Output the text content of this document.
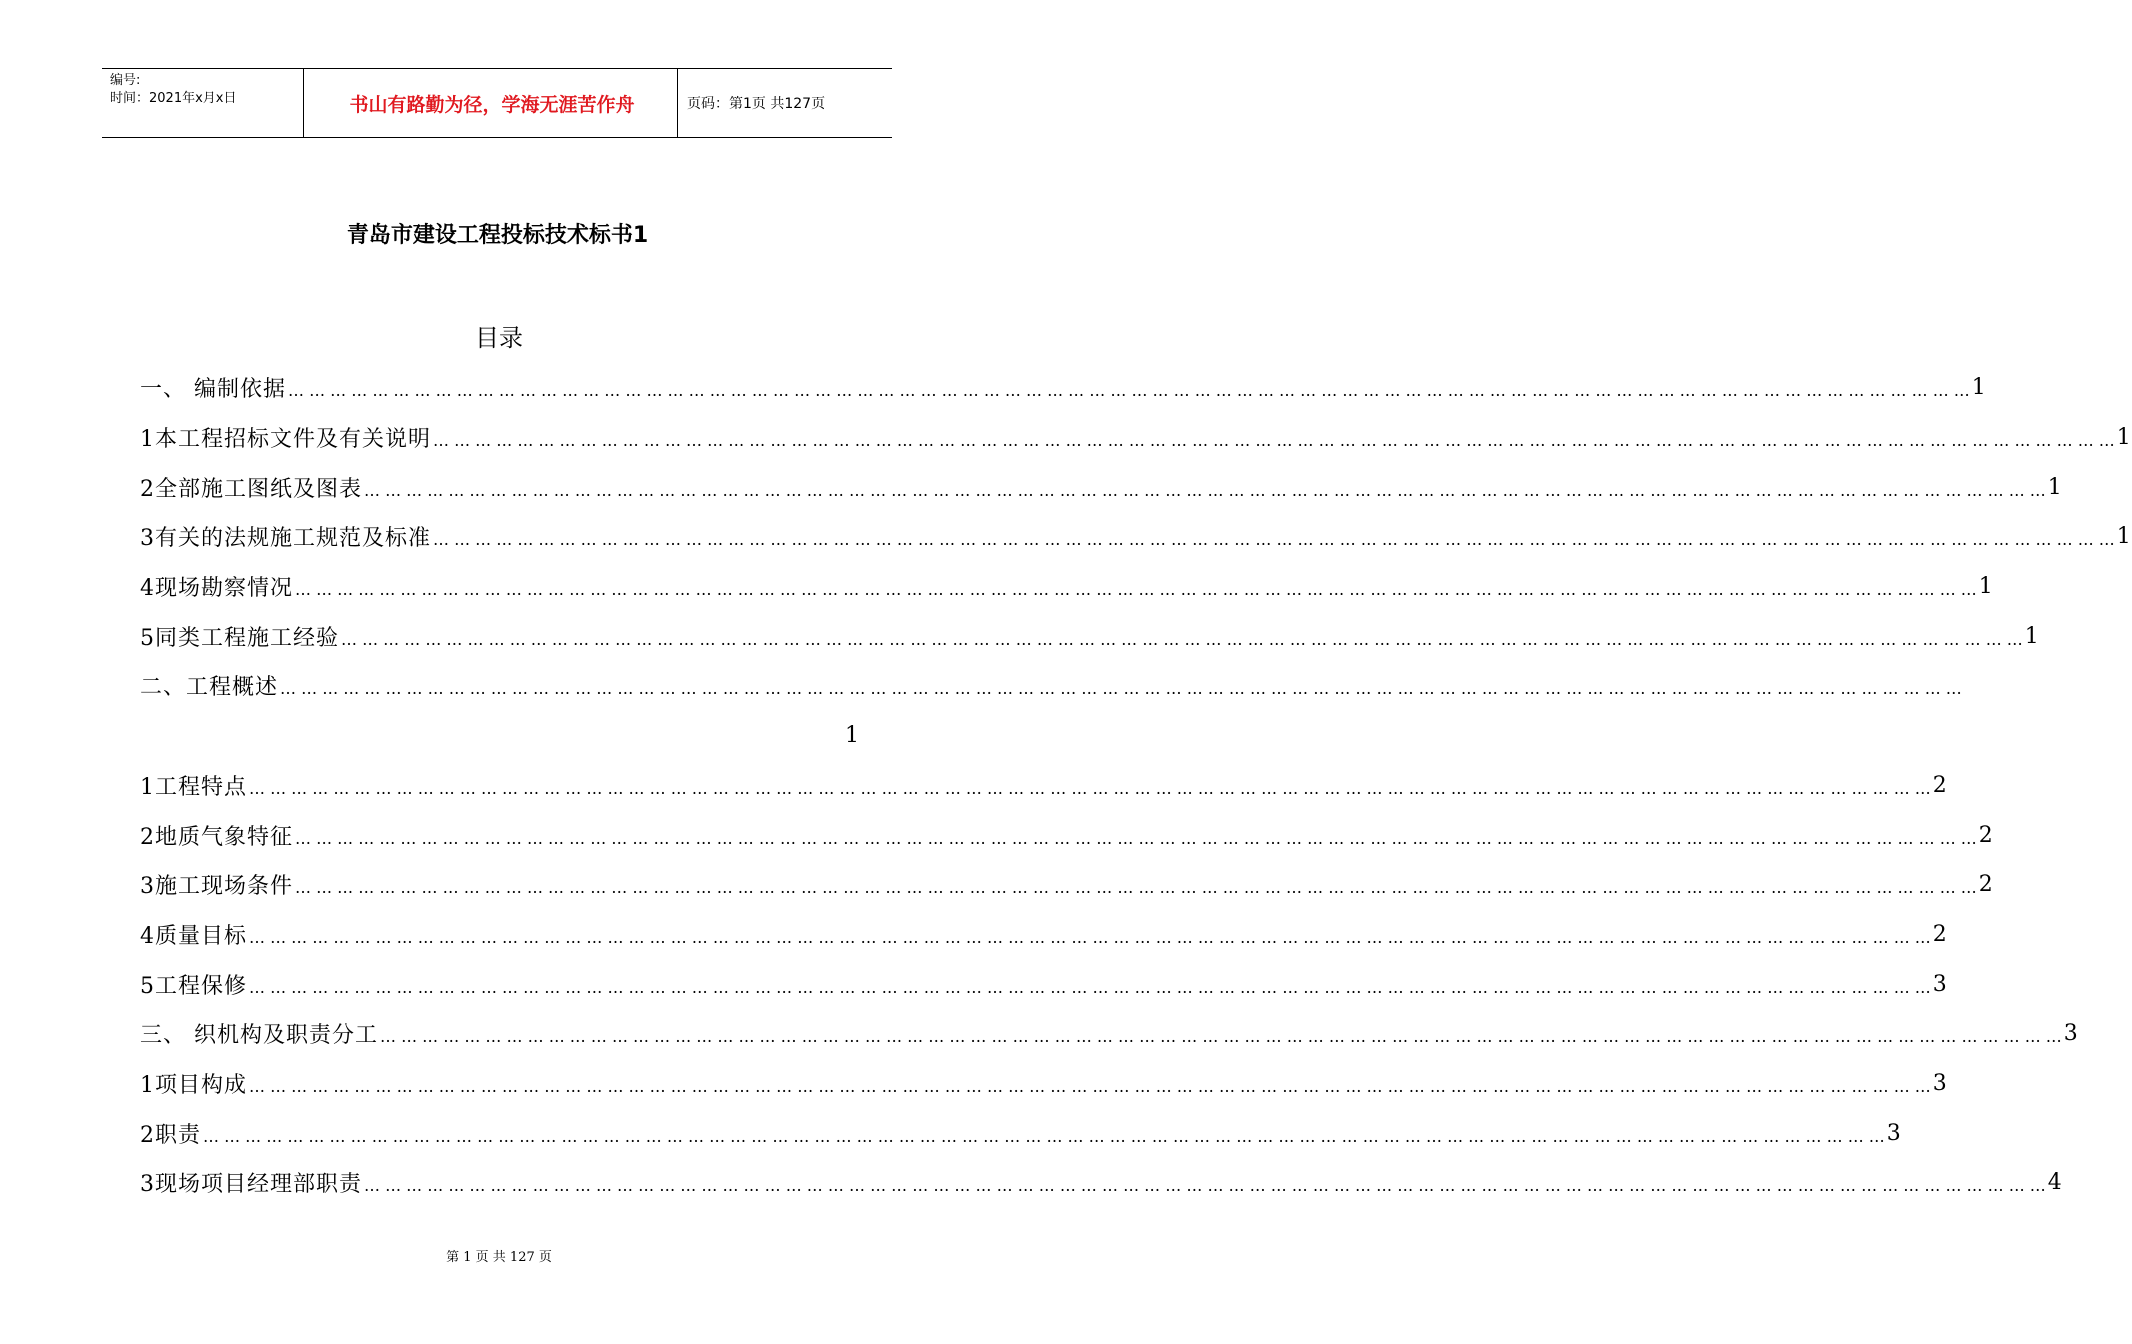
编号:
时间：2021年x月x日	书山有路勤为径，学海无涯苦作舟	页码：第1页 共127页
青岛市建设工程投标技术标书1
目录
一、 编制依据 … … … … … … … … … … … … … … … … … … … … … … … … … … … … … … … … … … … … … … … … … … … … … … … … … … … … … … … … … … … … … … … … … … … … … … … … … … … … … … … … 1
1本工程招标文件及有关说明 … … … … … … … … … … … … … … … … … … … … … … … … … … … … … … … … … … … … … … … … … … … … … … … … … … … … … … … … … … … … … … … … … … … … … … … … … … … … … … … … 1
2全部施工图纸及图表 … … … … … … … … … … … … … … … … … … … … … … … … … … … … … … … … … … … … … … … … … … … … … … … … … … … … … … … … … … … … … … … … … … … … … … … … … … … … … … … … 1
3有关的法规施工规范及标准 … … … … … … … … … … … … … … … … … … … … … … … … … … … … … … … … … … … … … … … … … … … … … … … … … … … … … … … … … … … … … … … … … … … … … … … … … … … … … … … … 1
4现场勘察情况 … … … … … … … … … … … … … … … … … … … … … … … … … … … … … … … … … … … … … … … … … … … … … … … … … … … … … … … … … … … … … … … … … … … … … … … … … … … … … … … … 1
5同类工程施工经验 … … … … … … … … … … … … … … … … … … … … … … … … … … … … … … … … … … … … … … … … … … … … … … … … … … … … … … … … … … … … … … … … … … … … … … … … … … … … … … … … 1
二、工程概述 … … … … … … … … … … … … … … … … … … … … … … … … … … … … … … … … … … … … … … … … … … … … … … … … … … … … … … … … … … … … … … … … … … … … … … … … … … … … … … … …
1
1工程特点 … … … … … … … … … … … … … … … … … … … … … … … … … … … … … … … … … … … … … … … … … … … … … … … … … … … … … … … … … … … … … … … … … … … … … … … … … … … … … … … … 2
2地质气象特征 … … … … … … … … … … … … … … … … … … … … … … … … … … … … … … … … … … … … … … … … … … … … … … … … … … … … … … … … … … … … … … … … … … … … … … … … … … … … … … … … 2
3施工现场条件 … … … … … … … … … … … … … … … … … … … … … … … … … … … … … … … … … … … … … … … … … … … … … … … … … … … … … … … … … … … … … … … … … … … … … … … … … … … … … … … … 2
4质量目标 … … … … … … … … … … … … … … … … … … … … … … … … … … … … … … … … … … … … … … … … … … … … … … … … … … … … … … … … … … … … … … … … … … … … … … … … … … … … … … … … 2
5工程保修 … … … … … … … … … … … … … … … … … … … … … … … … … … … … … … … … … … … … … … … … … … … … … … … … … … … … … … … … … … … … … … … … … … … … … … … … … … … … … … … … 3
三、 织机构及职责分工 … … … … … … … … … … … … … … … … … … … … … … … … … … … … … … … … … … … … … … … … … … … … … … … … … … … … … … … … … … … … … … … … … … … … … … … … … … … … … … … … 3
1项目构成 … … … … … … … … … … … … … … … … … … … … … … … … … … … … … … … … … … … … … … … … … … … … … … … … … … … … … … … … … … … … … … … … … … … … … … … … … … … … … … … … 3
2职责 … … … … … … … … … … … … … … … … … … … … … … … … … … … … … … … … … … … … … … … … … … … … … … … … … … … … … … … … … … … … … … … … … … … … … … … … … … … … … … … … 3
3现场项目经理部职责 … … … … … … … … … … … … … … … … … … … … … … … … … … … … … … … … … … … … … … … … … … … … … … … … … … … … … … … … … … … … … … … … … … … … … … … … … … … … … … … … 4
第 1 页 共 127 页
